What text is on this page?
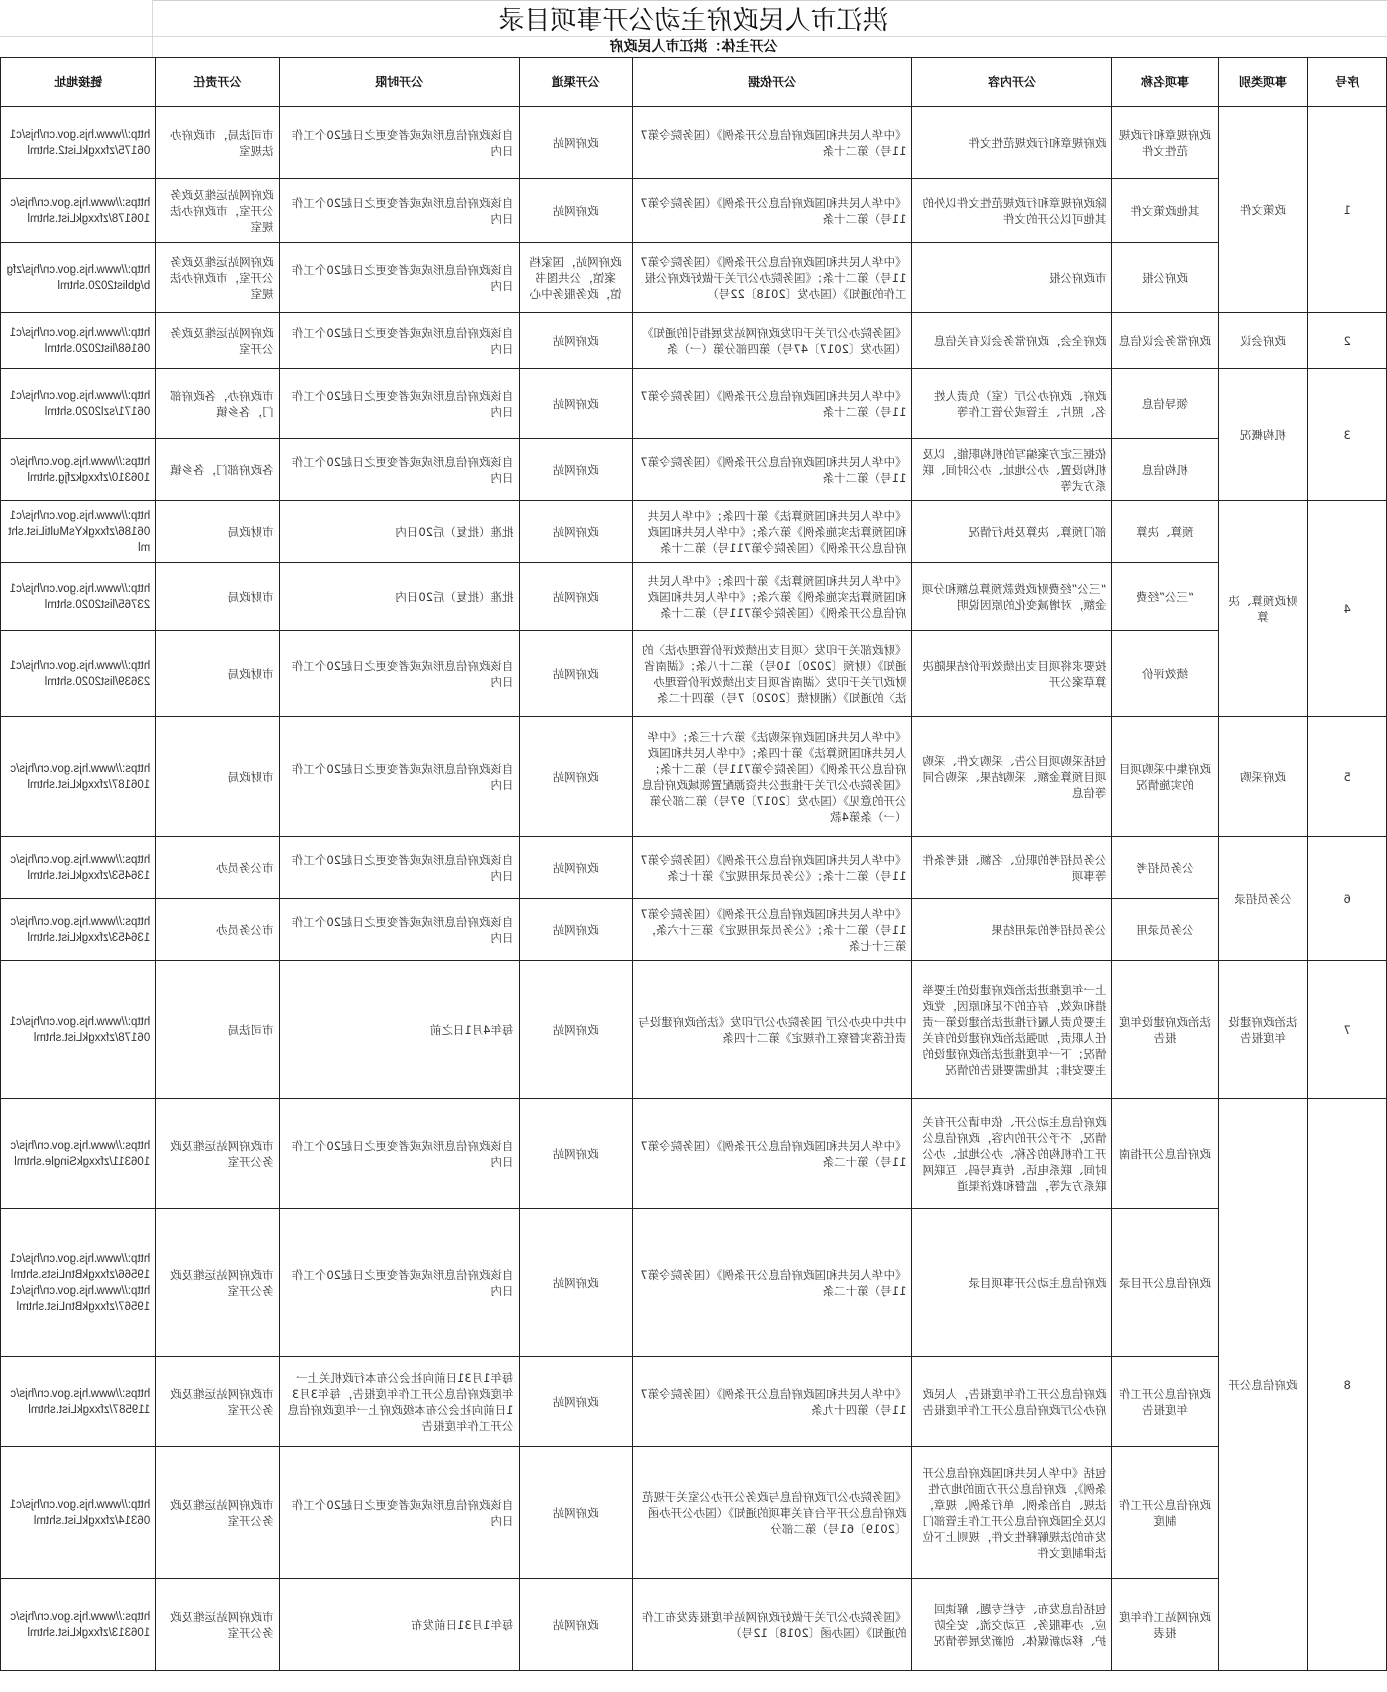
洪江市人民政府主动公开事项目录
公开主体：洪江市人民政府
序号	事项类别	事项名称	公开内容	公开依据	公开渠道	公开时限	公开责任	链接地址
1	政策文件	政府规章和行政规范性文件	政府规章和行政规范性文件	《中华人民共和国政府信息公开条例》（国务院令第711号）第二十条	政府网站	自该政府信息形成或者变更之日起20个工作日内	市司法局，市政府办法规室	http://www.hjs.gov.cn/hjs/c106175/zfxxgkList2.shtml
		其他政策文件	除政府规章和行政规范性文件以外的其他可以公开的文件	《中华人民共和国政府信息公开条例》（国务院令第711号）第二十条	政府网站	自该政府信息形成或者变更之日起20个工作日内	政府网站运维及政务公开室，市政府办法规室	https://www.hjs.gov.cn/hjs/c106178/zfxxgkList.shtml
		政府公报	市政府公报	《中华人民共和国政府信息公开条例》（国务院令第711号）第二十条；《国务院办公厅关于做好政府公报工作的通知》（国办发〔2018〕22号）	政府网站，国家档案馆，公共图书馆，政务服务中心	自该政府信息形成或者变更之日起20个工作日内	政府网站运维及政务公开室，市政府办法规室	http://www.hjs.gov.cn/hjs/zfgb/gblist2020.shtml
2	政府会议	政府常务会议信息	政府全会，政府常务会议有关信息	《国务院办公厅关于印发政府网站发展指引的通知》（国办发〔2017〕47号）第四部分第（一）条	政府网站	自该政府信息形成或者变更之日起20个工作日内	政府网站运维及政务公开室	http://www.hjs.gov.cn/hjs/c106168/list2020.shtml
3	机构概况	领导信息	政府、政府办公厅（室）负责人姓名、照片、主管或分管工作等	《中华人民共和国政府信息公开条例》（国务院令第711号）第二十条	政府网站	自该政府信息形成或者变更之日起20个工作日内	市政府办，各政府部门，各乡镇	http://www.hjs.gov.cn/hjs/c106171/szl2020.shtml
		机构信息	依据三定方案编写的机构职能，以及机构设置、办公地址、办公时间、联系方式等	《中华人民共和国政府信息公开条例》（国务院令第711号）第二十条	政府网站	自该政府信息形成或者变更之日起20个工作日内	各政府部门，各乡镇	https://www.hjs.gov.cn/hjs/c106310/zfxxgkzfjg.shtml
4	财政预算、决算	预算、决算	部门预算、决算及执行情况	《中华人民共和国预算法》第十四条；《中华人民共和国预算法实施条例》第六条；《中华人民共和国政府信息公开条例》（国务院令第711号）第二十条	政府网站	批准（批复）后20日内	市财政局	http://www.hjs.gov.cn/hjs/c106186/zfxxgkYsMultiList.shtml
		“三公”经费	“三公”经费财政拨款预算总额和分项金额，对增减变化的原因说明	《中华人民共和国预算法》第十四条；《中华人民共和国预算法实施条例》第六条；《中华人民共和国政府信息公开条例》（国务院令第711号）第二十条	政府网站	批准（批复）后20日内	市财政局	http://www.hjs.gov.cn/hjs/c123765/list2020.shtml
		绩效评价	按要求将项目支出绩效评价结果随决算草案公开	《财政部关于印发〈项目支出绩效评价管理办法〉的通知》（财预〔2020〕10号）第二十八条；《湖南省财政厅关于印发〈湖南省项目支出绩效评价管理办法〉的通知》（湘财绩〔2020〕7号）第四十二条	政府网站	自该政府信息形成或者变更之日起20个工作日内	市财政局	http://www.hjs.gov.cn/hjs/c123639/list2020.shtml
5	政府采购	政府集中采购项目的实施情况	包括采购项目公告、采购文件、采购项目预算金额、采购结果、采购合同等信息	《中华人民共和国政府采购法》第六十三条；《中华人民共和国预算法》第十四条；《中华人民共和国政府信息公开条例》（国务院令第711号）第二十条；《国务院办公厅关于推进公共资源配置领域政府信息公开的意见》（国办发〔2017〕97号）第二部分第（一）条第4款	政府网站	自该政府信息形成或者变更之日起20个工作日内	市财政局	https://www.hjs.gov.cn/hjs/c106187/zfxxgkList.shtml
6	公务员招录	公务员招考	公务员招考的职位、名额、报考条件等事项	《中华人民共和国政府信息公开条例》（国务院令第711号）第二十条；《公务员录用规定》第十七条	政府网站	自该政府信息形成或者变更之日起20个工作日内	市公务员办	https://www.hjs.gov.cn/hjs/c136453/zfxxgkList.shtml
		公务员录用	公务员招考的录用结果	《中华人民共和国政府信息公开条例》（国务院令第711号）第二十条；《公务员录用规定》第三十六条，第三十七条	政府网站	自该政府信息形成或者变更之日起20个工作日内	市公务员办	https://www.hjs.gov.cn/hjs/c136453/zfxxgkList.shtml
7	法治政府建设年度报告	法治政府建设年度报告	上一年度推进法治政府建设的主要举措和成效，存在的不足和原因，党政主要负责人履行推进法治建设第一责任人职责，加强法治政府建设的有关情况；下一年度推进法治政府建设的主要安排；其他需要报告的情况	中共中央办公厅 国务院办公厅印发《法治政府建设与责任落实督察工作规定》第二十四条	政府网站	每年4月1日之前	市司法局	http://www.hjs.gov.cn/hjs/c106178/zfxxgkList.shtml
8	政府信息公开	政府信息公开指南	政府信息主动公开、依申请公开有关情况，不予公开的内容，政府信息公开工作机构的名称、办公地址、办公时间、联系电话、传真号码、互联网联系方式等，监督和救济渠道	《中华人民共和国政府信息公开条例》（国务院令第711号）第十二条	政府网站	自该政府信息形成或者变更之日起20个工作日内	市政府网站运维及政务公开室	https://www.hjs.gov.cn/hjs/c106311/zfxxgkSingle.shtml
		政府信息公开目录	政府信息主动公开事项目录	《中华人民共和国政府信息公开条例》（国务院令第711号）第十二条	政府网站	自该政府信息形成或者变更之日起20个工作日内	市政府网站运维及政务公开室	http://www.hjs.gov.cn/hjs/c119566/zfxxgkBtnLists.shtml http://www.hjs.gov.cn/hjs/c119567/zfxxgkBtnList.shtml
		政府信息公开工作年度报告	政府信息公开工作年度报告，人民政府办公厅政府信息公开工作年度报告	《中华人民共和国政府信息公开条例》（国务院令第711号）第四十九条	政府网站	每年1月31日前向社会公布本行政机关上一年度政府信息公开工作年度报告，每年3月31日前向社会公布本级政府上一年度政府信息公开工作年度报告	市政府网站运维及政务公开室	https://www.hjs.gov.cn/hjs/c119587/zfxxgkList.shtml
		政府信息公开工作制度	包括《中华人民共和国政府信息公开条例》，政府信息公开方面的地方性法规、自治条例、单行条例、规章，以及全国政府信息公开工作主管部门发布的法规解释性文件，规则上下位法律制度文件	《国务院办公厅政府信息与政务公开办公室关于规范政府信息公开平台有关事项的通知》（国办公开办函〔2019〕61号）第二部分	政府网站	自该政府信息形成或者变更之日起20个工作日内	市政府网站运维及政务公开室	http://www.hjs.gov.cn/hjs/c106314/zfxxgkList.shtml
		政府网站工作年度报表	包括信息发布、专栏专题、解读回应、办事服务、互动交流、安全防护、移动新媒体、创新发展等情况	《国务院办公厅关于做好政府网站年度报表发布工作的通知》（国办函〔2018〕12号）	政府网站	每年1月31日前发布	市政府网站运维及政务公开室	https://www.hjs.gov.cn/hjs/c106313/zfxxgkList.shtml
